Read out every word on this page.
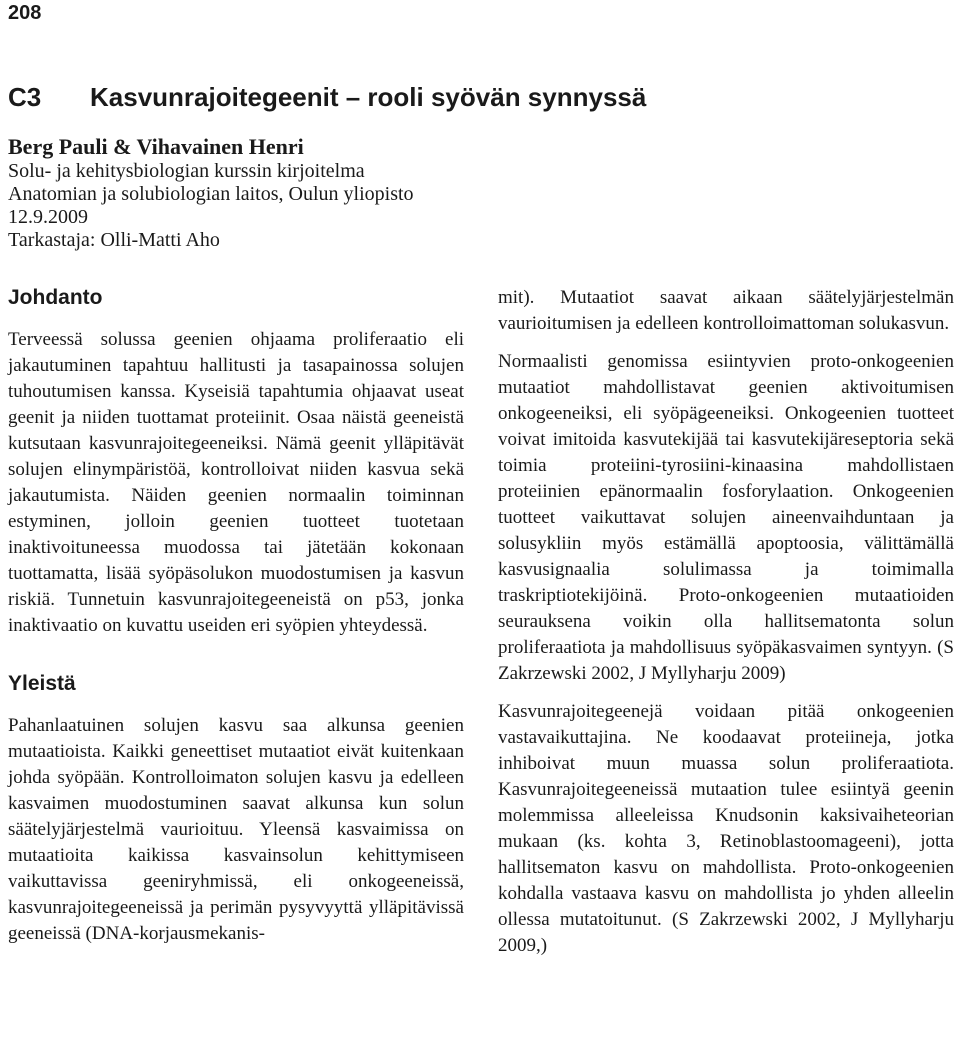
208
C3 Kasvunrajoitegeenit – rooli syövän synnyssä
Berg Pauli & Vihavainen Henri
Solu- ja kehitysbiologian kurssin kirjoitelma
Anatomian ja solubiologian laitos, Oulun yliopisto
12.9.2009
Tarkastaja: Olli-Matti Aho
Johdanto

Terveessä solussa geenien ohjaama proliferaatio eli jakautuminen tapahtuu hallitusti ja tasapainossa solujen tuhoutumisen kanssa. Kyseisiä tapahtumia ohjaavat useat geenit ja niiden tuottamat proteiinit. Osaa näistä geeneistä kutsutaan kasvunrajoitegeeneiksi. Nämä geenit ylläpitävät solujen elinympäristöä, kontrolloivat niiden kasvua sekä jakautumista. Näiden geenien normaalin toiminnan estyminen, jolloin geenien tuotteet tuotetaan inaktivoituneessa muodossa tai jätetään kokonaan tuottamatta, lisää syöpäsolukon muodostumisen ja kasvun riskiä. Tunnetuin kasvunrajoitegeeneistä on p53, jonka inaktivaatio on kuvattu useiden eri syöpien yhteydessä.

Yleistä

Pahanlaatuinen solujen kasvu saa alkunsa geenien mutaatioista. Kaikki geneettiset mutaatiot eivät kuitenkaan johda syöpään. Kontrolloimaton solujen kasvu ja edelleen kasvaimen muodostuminen saavat alkunsa kun solun säätelyjärjestelmä vaurioituu. Yleensä kasvaimissa on mutaatioita kaikissa kasvainsolun kehittymiseen vaikuttavissa geeniryhmissä, eli onkogeeneissä, kasvunrajoitegeeneissä ja perimän pysyvyyttä ylläpitävissä geeneissä (DNA-korjausmekanis-

mit). Mutaatiot saavat aikaan säätelyjärjestelmän vaurioitumisen ja edelleen kontrolloimattoman solukasvun.

Normaalisti genomissa esiintyvien proto-onkogeenien mutaatiot mahdollistavat geenien aktivoitumisen onkogeeneiksi, eli syöpägeeneiksi. Onkogeenien tuotteet voivat imitoida kasvutekijää tai kasvutekijäreseptoria sekä toimia proteiini-tyrosiini-kinaasina mahdollistaen proteiinien epänormaalin fosforylaation. Onkogeenien tuotteet vaikuttavat solujen aineenvaihduntaan ja solusykliin myös estämällä apoptoosia, välittämällä kasvusignaalia solulimassa ja toimimalla traskriptiotekijöinä. Proto-onkogeenien mutaatioiden seurauksena voikin olla hallitsematonta solun proliferaatiota ja mahdollisuus syöpäkasvaimen syntyyn. (S Zakrzewski 2002, J Myllyharju 2009)

Kasvunrajoitegeenejä voidaan pitää onkogeenien vastavaikuttajina. Ne koodaavat proteiineja, jotka inhiboivat muun muassa solun proliferaatiota. Kasvunrajoitegeeneissä mutaation tulee esiintyä geenin molemmissa alleeleissa Knudsonin kaksivaiheteorian mukaan (ks. kohta 3, Retinoblastoomageeni), jotta hallitsematon kasvu on mahdollista. Proto-onkogeenien kohdalla vastaava kasvu on mahdollista jo yhden alleelin ollessa mutatoitunut. (S Zakrzewski 2002, J Myllyharju 2009,)
